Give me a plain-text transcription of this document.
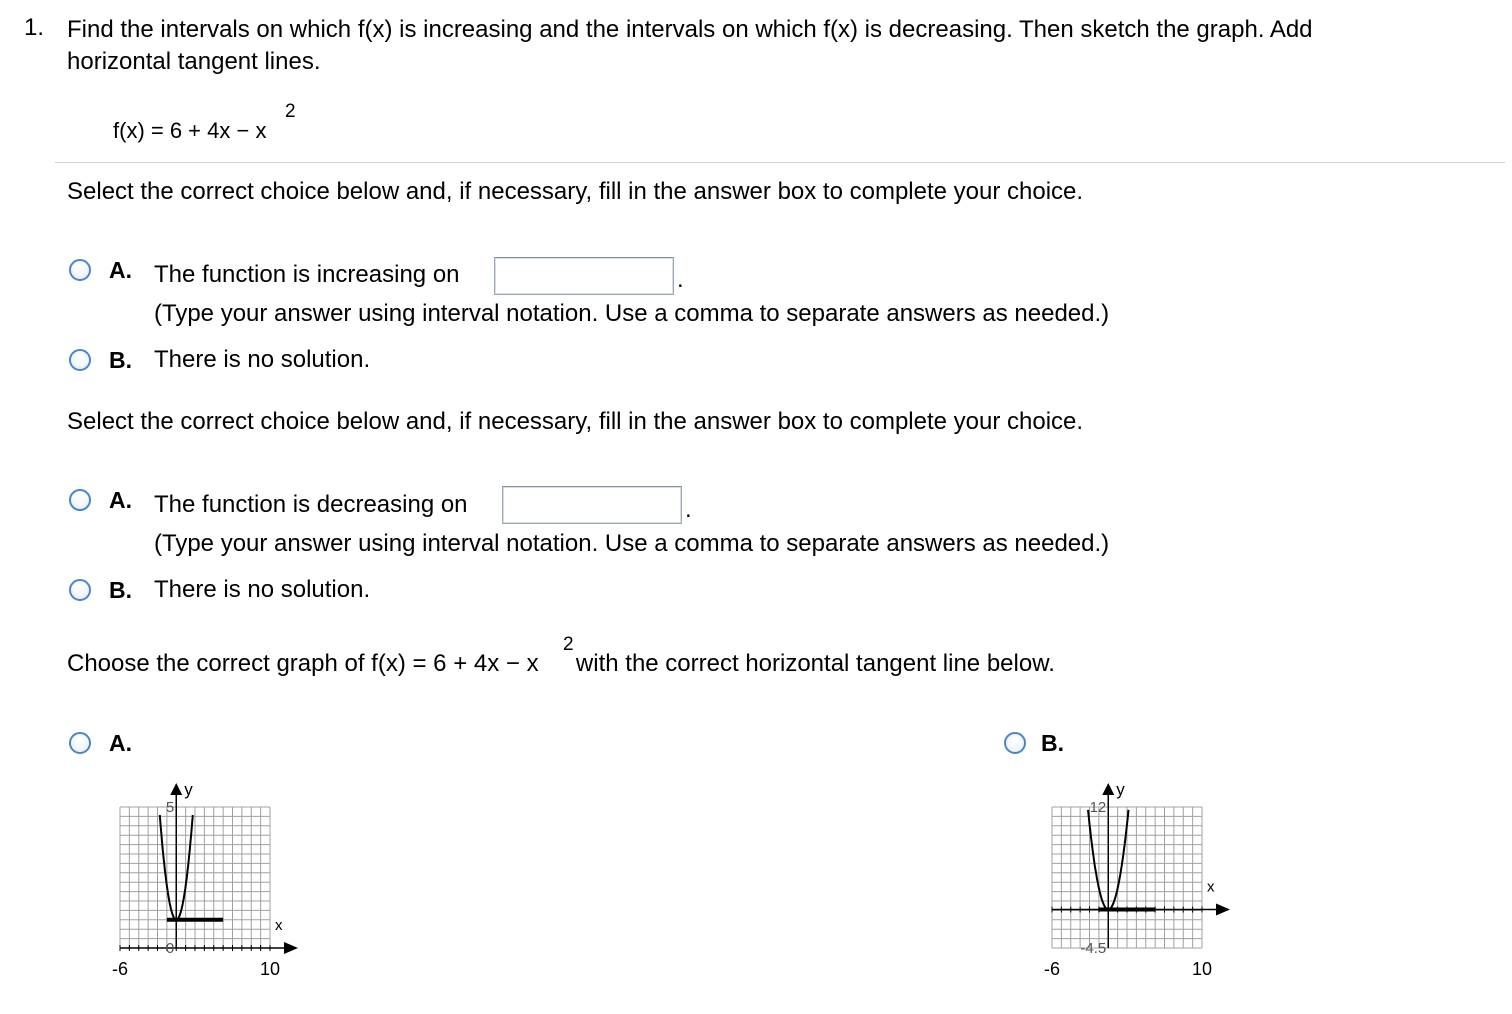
1. Find the intervals on which f(x) is increasing and the intervals on which f(x) is decreasing. Then sketch the graph. Add
horizontal tangent lines.
f(x) = 6 + 4x − x
2
Select the correct choice below and, if necessary, fill in the answer box to complete your choice.
A. The function is increasing on	.
(Type your answer using interval notation. Use a comma to separate answers as needed.)
B. There is no solution.
Select the correct choice below and, if necessary, fill in the answer box to complete your choice.
A. The function is decreasing on	.
(Type your answer using interval notation. Use a comma to separate answers as needed.)
B. There is no solution.
Choose the correct graph of f(x) = 6 + 4x − x with the correct horizontal tangent line below.
2
A.	B.
y
x
5
0
-6	10
y
x
12
-4.5
-6	10
